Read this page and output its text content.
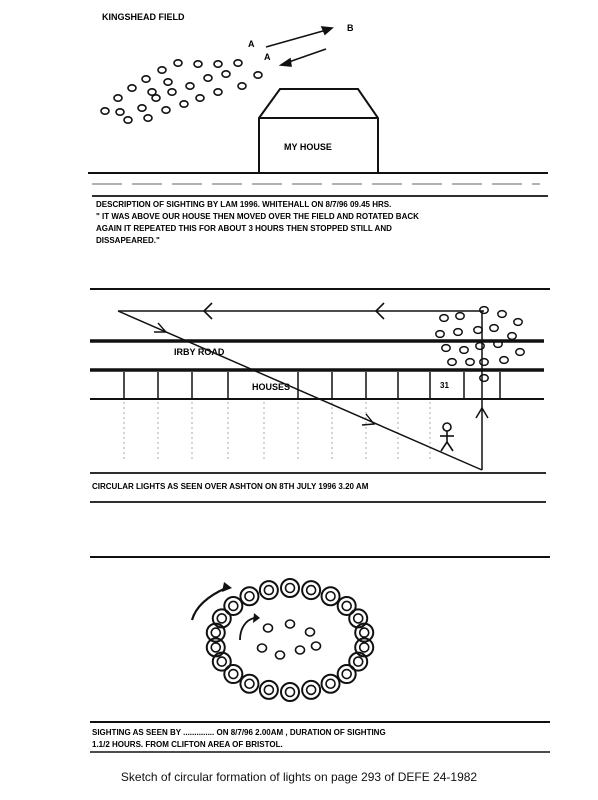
KINGSHEAD FIELD
A
A
B
MY HOUSE
DESCRIPTION OF SIGHTING BY LAM 1996. WHITEHALL ON 8/7/96 09.45 HRS.
" IT WAS ABOVE OUR HOUSE THEN MOVED OVER THE FIELD AND ROTATED BACK
AGAIN IT REPEATED THIS FOR ABOUT 3 HOURS THEN STOPPED STILL AND
DISSAPEARED."
IRBY ROAD
HOUSES	31
CIRCULAR LIGHTS AS SEEN OVER ASHTON ON 8TH JULY 1996 3.20 AM
SIGHTING AS SEEN BY .............. ON 8/7/96 2.00AM , DURATION OF SIGHTING
1.1/2 HOURS. FROM CLIFTON AREA OF BRISTOL.
Sketch of circular formation of lights on page 293 of DEFE 24-1982
